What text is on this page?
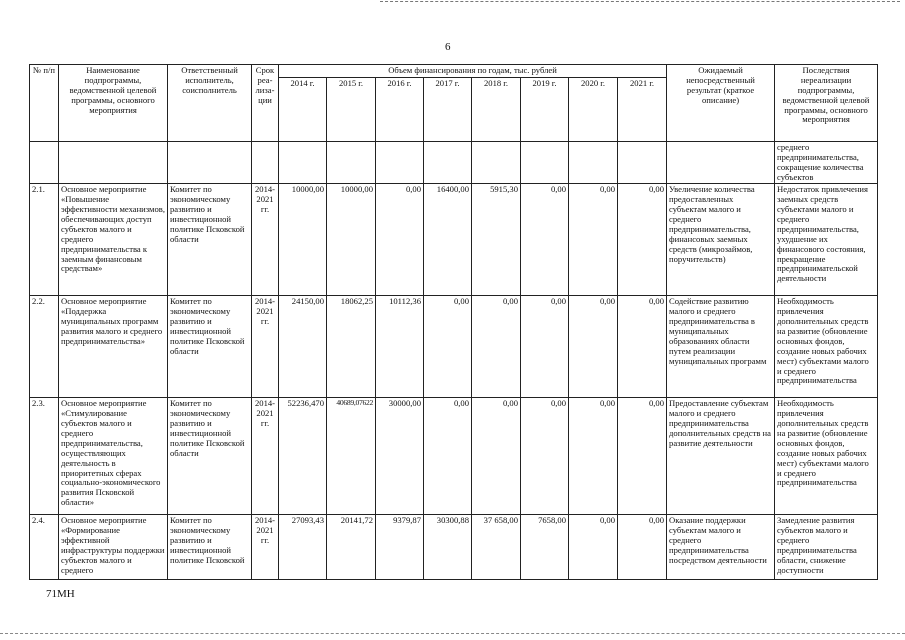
6
№ п/п	Наименование подпрограммы, ведомственной целевой программы, основного мероприятия	Ответственный исполнитель, соисполнитель	Срок реа-лиза-ции	Объем финансирования по годам, тыс. рублей								Ожидаемый непосредственный результат (краткое описание)	Последствия нереализации подпрограммы, ведомственной целевой программы, основного мероприятия
				2014 г.	2015 г.	2016 г.	2017 г.	2018 г.	2019 г.	2020 г.	2021 г.		
													среднего предпринимательства, сокращение количества субъектов
2.1.	Основное мероприятие «Повышение эффективности механизмов, обеспечивающих доступ субъектов малого и среднего предпринимательства к заемным финансовым средствам»	Комитет по экономическому развитию и инвестиционной политике Псковской области	2014-2021 гг.	10000,00	10000,00	0,00	16400,00	5915,30	0,00	0,00	0,00	Увеличение количества предоставленных субъектам малого и среднего предпринимательства, финансовых заемных средств (микрозаймов, поручительств)	Недостаток привлечения заемных средств субъектами малого и среднего предпринимательства, ухудшение их финансового состояния, прекращение предпринимательской деятельности
2.2.	Основное мероприятие «Поддержка муниципальных программ развития малого и среднего предпринимательства»	Комитет по экономическому развитию и инвестиционной политике Псковской области	2014-2021 гг.	24150,00	18062,25	10112,36	0,00	0,00	0,00	0,00	0,00	Содействие развитию малого и среднего предпринимательства в муниципальных образованиях области путем реализации муниципальных программ	Необходимость привлечения дополнительных средств на развитие (обновление основных фондов, создание новых рабочих мест) субъектами малого и среднего предпринимательства
2.3.	Основное мероприятие «Стимулирование субъектов малого и среднего предпринимательства, осуществляющих деятельность в приоритетных сферах социально-экономического развития Псковской области»	Комитет по экономическому развитию и инвестиционной политике Псковской области	2014-2021 гг.	52236,470	40689,07622	30000,00	0,00	0,00	0,00	0,00	0,00	Предоставление субъектам малого и среднего предпринимательства дополнительных средств на развитие деятельности	Необходимость привлечения дополнительных средств на развитие (обновление основных фондов, создание новых рабочих мест) субъектами малого и среднего предпринимательства
2.4.	Основное мероприятие «Формирование эффективной инфраструктуры поддержки субъектов малого и среднего	Комитет по экономическому развитию и инвестиционной политике Псковской	2014-2021 гг.	27093,43	20141,72	9379,87	30300,88	37 658,00	7658,00	0,00	0,00	Оказание поддержки субъектам малого и среднего предпринимательства посредством деятельности	Замедление развития субъектов малого и среднего предпринимательства области, снижение доступности
71МН
